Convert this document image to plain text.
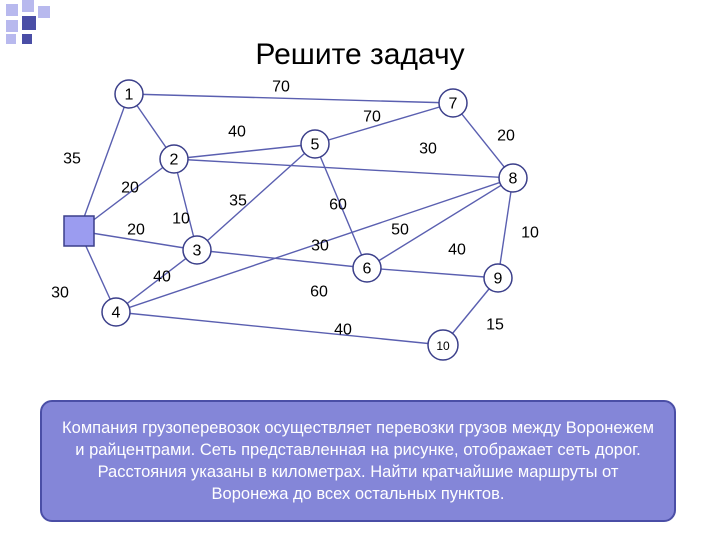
Решите задачу
35
20
20
30
70
10
40
35
40
30
70
20
60
60
50	10
40
40	15
30
1
2
3
4
5
6
7
8
9
10
Компания грузоперевозок осуществляет перевозки грузов между Воронежем и райцентрами. Сеть представленная на рисунке, отображает сеть дорог. Расстояния указаны в километрах. Найти кратчайшие маршруты от Воронежа до всех остальных пунктов.
